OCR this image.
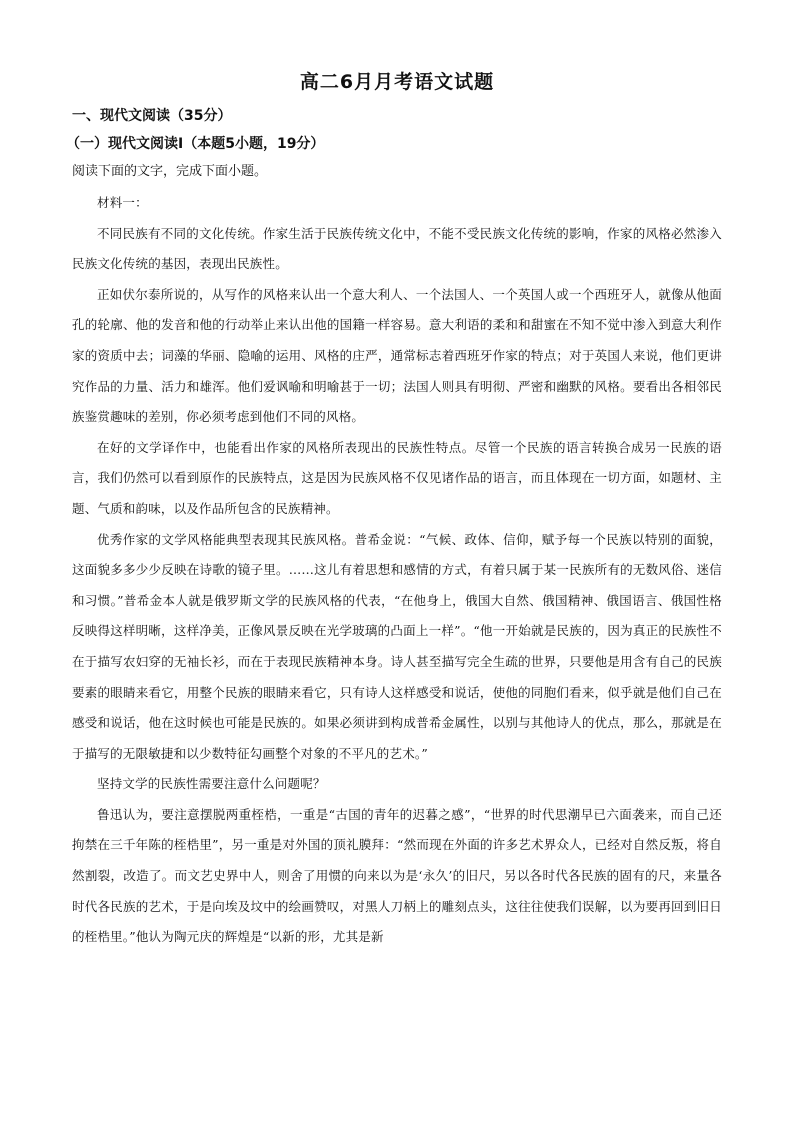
高二6月月考语文试题
一、现代文阅读（35分）
（一）现代文阅读Ⅰ（本题5小题，19分）
阅读下面的文字，完成下面小题。

材料一：

不同民族有不同的文化传统。作家生活于民族传统文化中，不能不受民族文化传统的影响，作家的风格必然渗入民族文化传统的基因，表现出民族性。

正如伏尔泰所说的，从写作的风格来认出一个意大利人、一个法国人、一个英国人或一个西班牙人，就像从他面孔的轮廓、他的发音和他的行动举止来认出他的国籍一样容易。意大利语的柔和和甜蜜在不知不觉中渗入到意大利作家的资质中去；词藻的华丽、隐喻的运用、风格的庄严，通常标志着西班牙作家的特点；对于英国人来说，他们更讲究作品的力量、活力和雄浑。他们爱讽喻和明喻甚于一切；法国人则具有明彻、严密和幽默的风格。要看出各相邻民族鉴赏趣味的差别，你必须考虑到他们不同的风格。

在好的文学译作中，也能看出作家的风格所表现出的民族性特点。尽管一个民族的语言转换合成另一民族的语言，我们仍然可以看到原作的民族特点，这是因为民族风格不仅见诸作品的语言，而且体现在一切方面，如题材、主题、气质和韵味，以及作品所包含的民族精神。

优秀作家的文学风格能典型表现其民族风格。普希金说：“气候、政体、信仰，赋予每一个民族以特别的面貌，这面貌多多少少反映在诗歌的镜子里。……这儿有着思想和感情的方式，有着只属于某一民族所有的无数风俗、迷信和习惯。”普希金本人就是俄罗斯文学的民族风格的代表，“在他身上，俄国大自然、俄国精神、俄国语言、俄国性格反映得这样明晰，这样净美，正像风景反映在光学玻璃的凸面上一样”。“他一开始就是民族的，因为真正的民族性不在于描写农妇穿的无袖长衫，而在于表现民族精神本身。诗人甚至描写完全生疏的世界，只要他是用含有自己的民族要素的眼睛来看它，用整个民族的眼睛来看它，只有诗人这样感受和说话，使他的同胞们看来，似乎就是他们自己在感受和说话，他在这时候也可能是民族的。如果必须讲到构成普希金属性，以别与其他诗人的优点，那么，那就是在于描写的无限敏捷和以少数特征勾画整个对象的不平凡的艺术。”

坚持文学的民族性需要注意什么问题呢？

鲁迅认为，要注意摆脱两重桎梏，一重是“古国的青年的迟暮之感”，“世界的时代思潮早已六面袭来，而自己还拘禁在三千年陈的桎梏里”，另一重是对外国的顶礼膜拜：“然而现在外面的许多艺术界众人，已经对自然反叛，将自然割裂，改造了。而文艺史界中人，则舍了用惯的向来以为是‘永久’的旧尺，另以各时代各民族的固有的尺，来量各时代各民族的艺术，于是向埃及坟中的绘画赞叹，对黑人刀柄上的雕刻点头，这往往使我们误解，以为要再回到旧日的桎梏里。”他认为陶元庆的辉煌是“以新的形，尤其是新
